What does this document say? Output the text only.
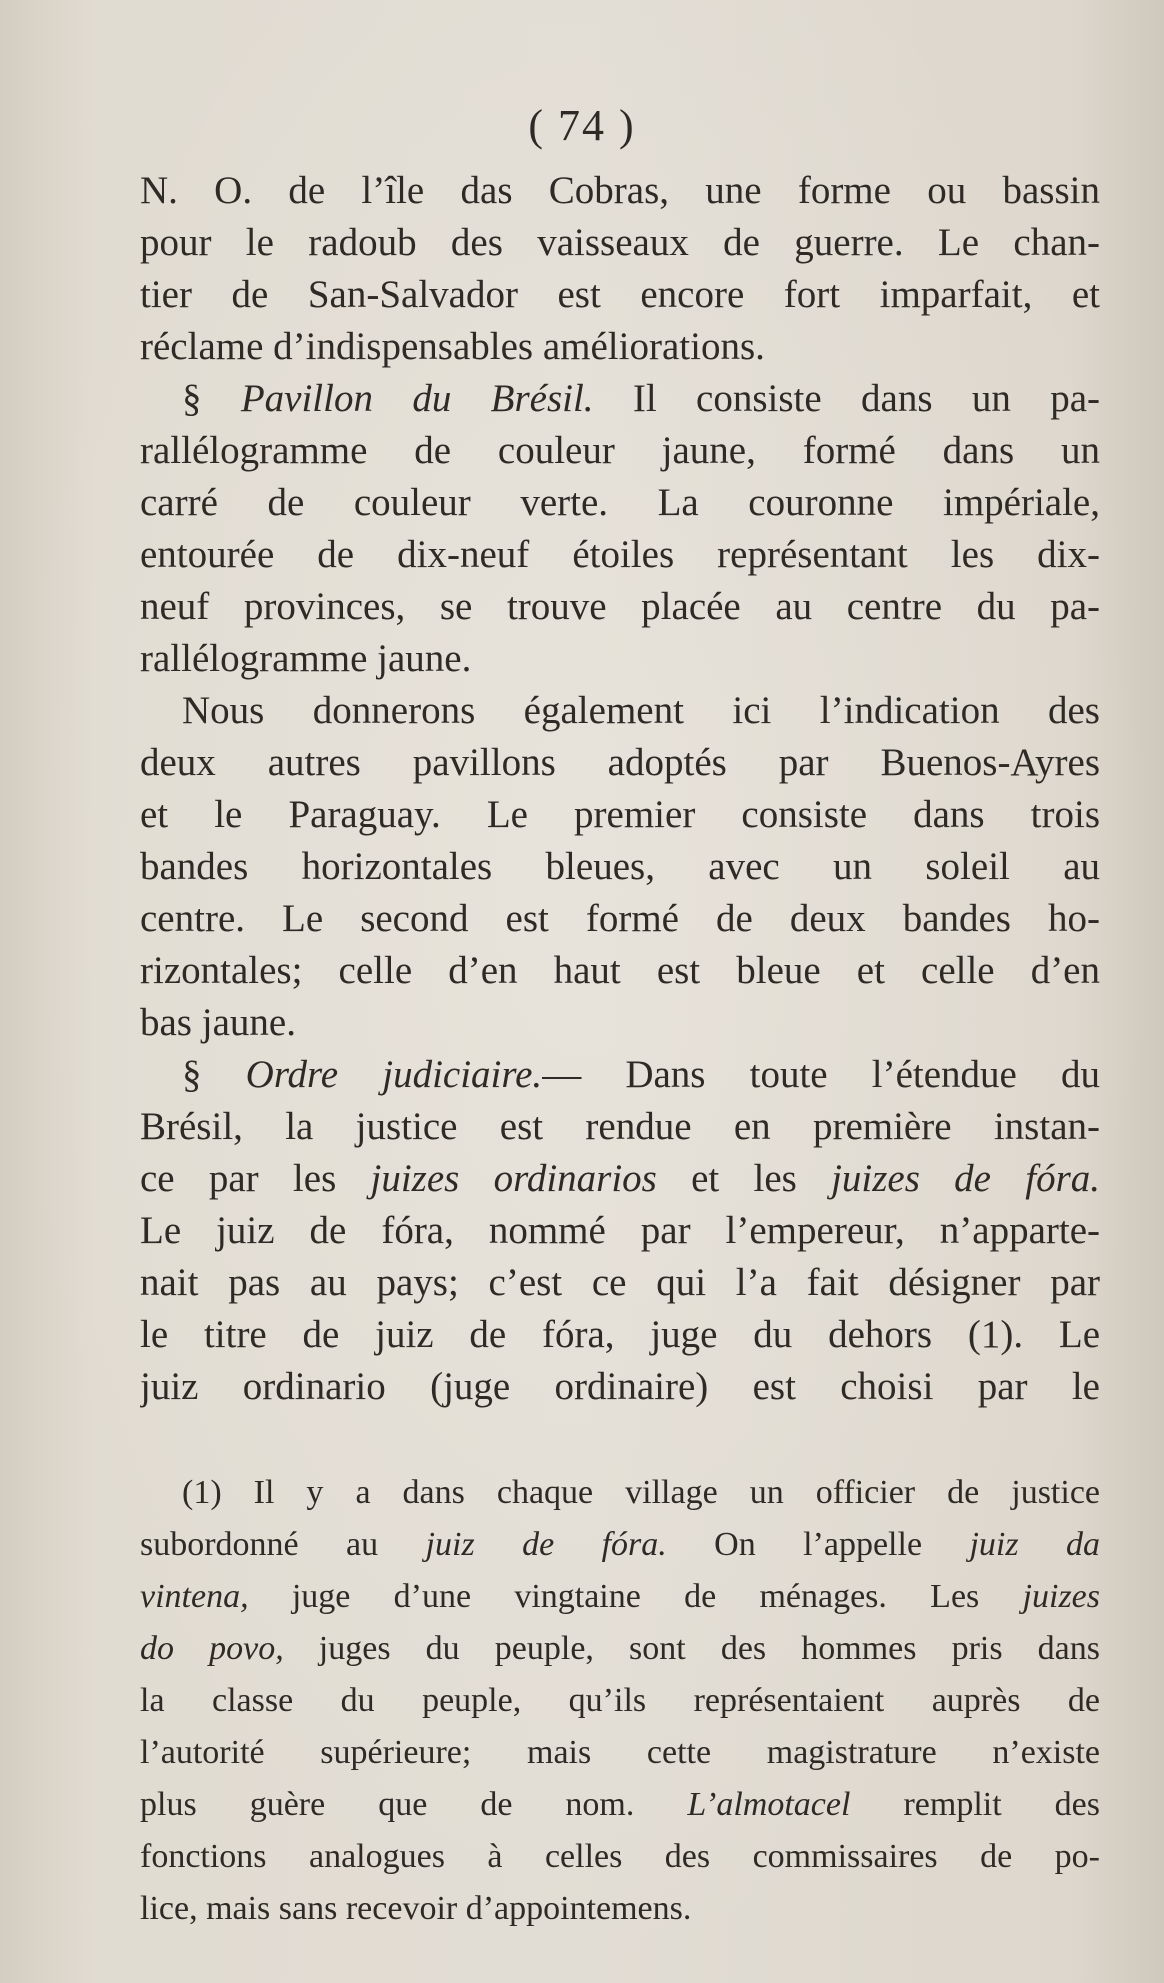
( 74 )
N. O. de l’île das Cobras, une forme ou bassin
pour le radoub des vaisseaux de guerre. Le chan-
tier de San-Salvador est encore fort imparfait, et
réclame d’indispensables améliorations.
§ Pavillon du Brésil. Il consiste dans un pa-
rallélogramme de couleur jaune, formé dans un
carré de couleur verte. La couronne impériale,
entourée de dix-neuf étoiles représentant les dix-
neuf provinces, se trouve placée au centre du pa-
rallélogramme jaune.
Nous donnerons également ici l’indication des
deux autres pavillons adoptés par Buenos-Ayres
et le Paraguay. Le premier consiste dans trois
bandes horizontales bleues, avec un soleil au
centre. Le second est formé de deux bandes ho-
rizontales; celle d’en haut est bleue et celle d’en
bas jaune.
§ Ordre judiciaire.— Dans toute l’étendue du
Brésil, la justice est rendue en première instan-
ce par les juizes ordinarios et les juizes de fóra.
Le juiz de fóra, nommé par l’empereur, n’apparte-
nait pas au pays; c’est ce qui l’a fait désigner par
le titre de juiz de fóra, juge du dehors (1). Le
juiz ordinario (juge ordinaire) est choisi par le
(1) Il y a dans chaque village un officier de justice
subordonné au juiz de fóra. On l’appelle juiz da
vintena, juge d’une vingtaine de ménages. Les juizes
do povo, juges du peuple, sont des hommes pris dans
la classe du peuple, qu’ils représentaient auprès de
l’autorité supérieure; mais cette magistrature n’existe
plus guère que de nom. L’almotacel remplit des
fonctions analogues à celles des commissaires de po-
lice, mais sans recevoir d’appointemens.
